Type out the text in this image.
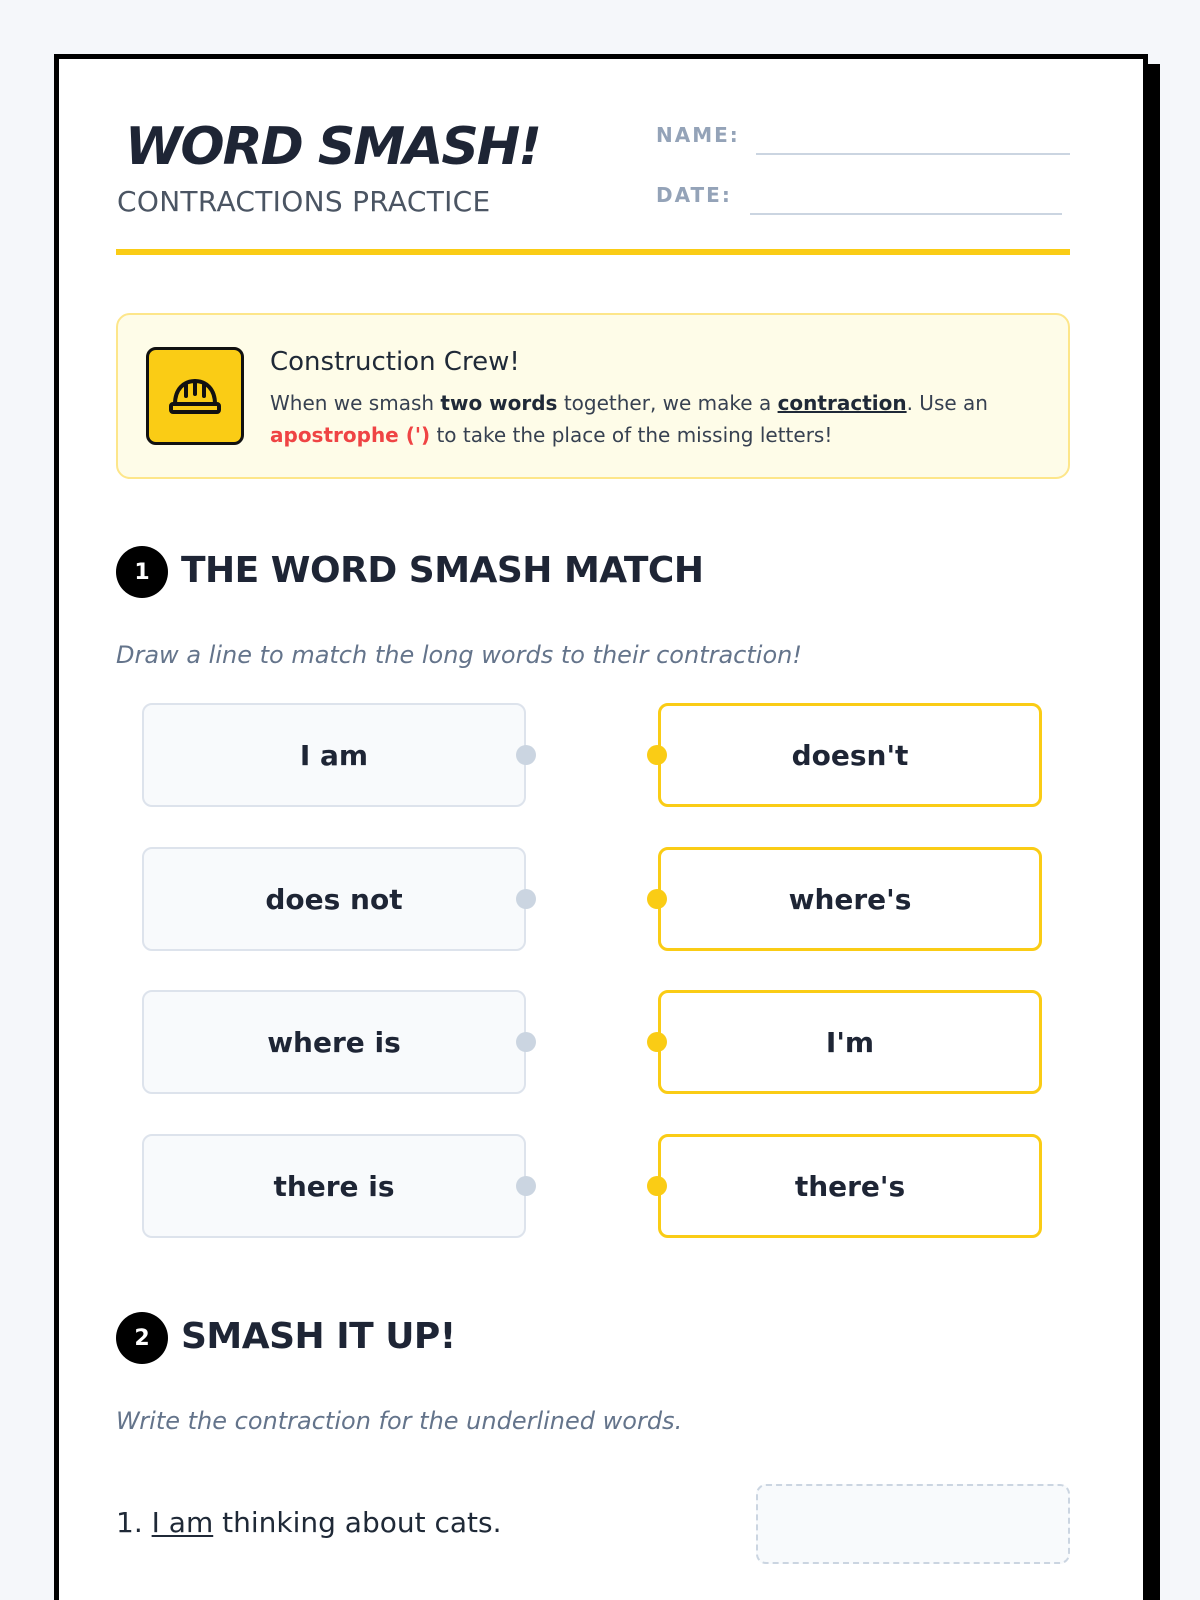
WORD SMASH!
CONTRACTIONS PRACTICE
NAME:
DATE:
Construction Crew!
When we smash two words together, we make a contraction. Use an apostrophe (') to take the place of the missing letters!
1 THE WORD SMASH MATCH
Draw a line to match the long words to their contraction!
I am
does not
where is
there is
doesn't
where's
I'm
there's
2 SMASH IT UP!
Write the contraction for the underlined words.
1. I am thinking about cats.
